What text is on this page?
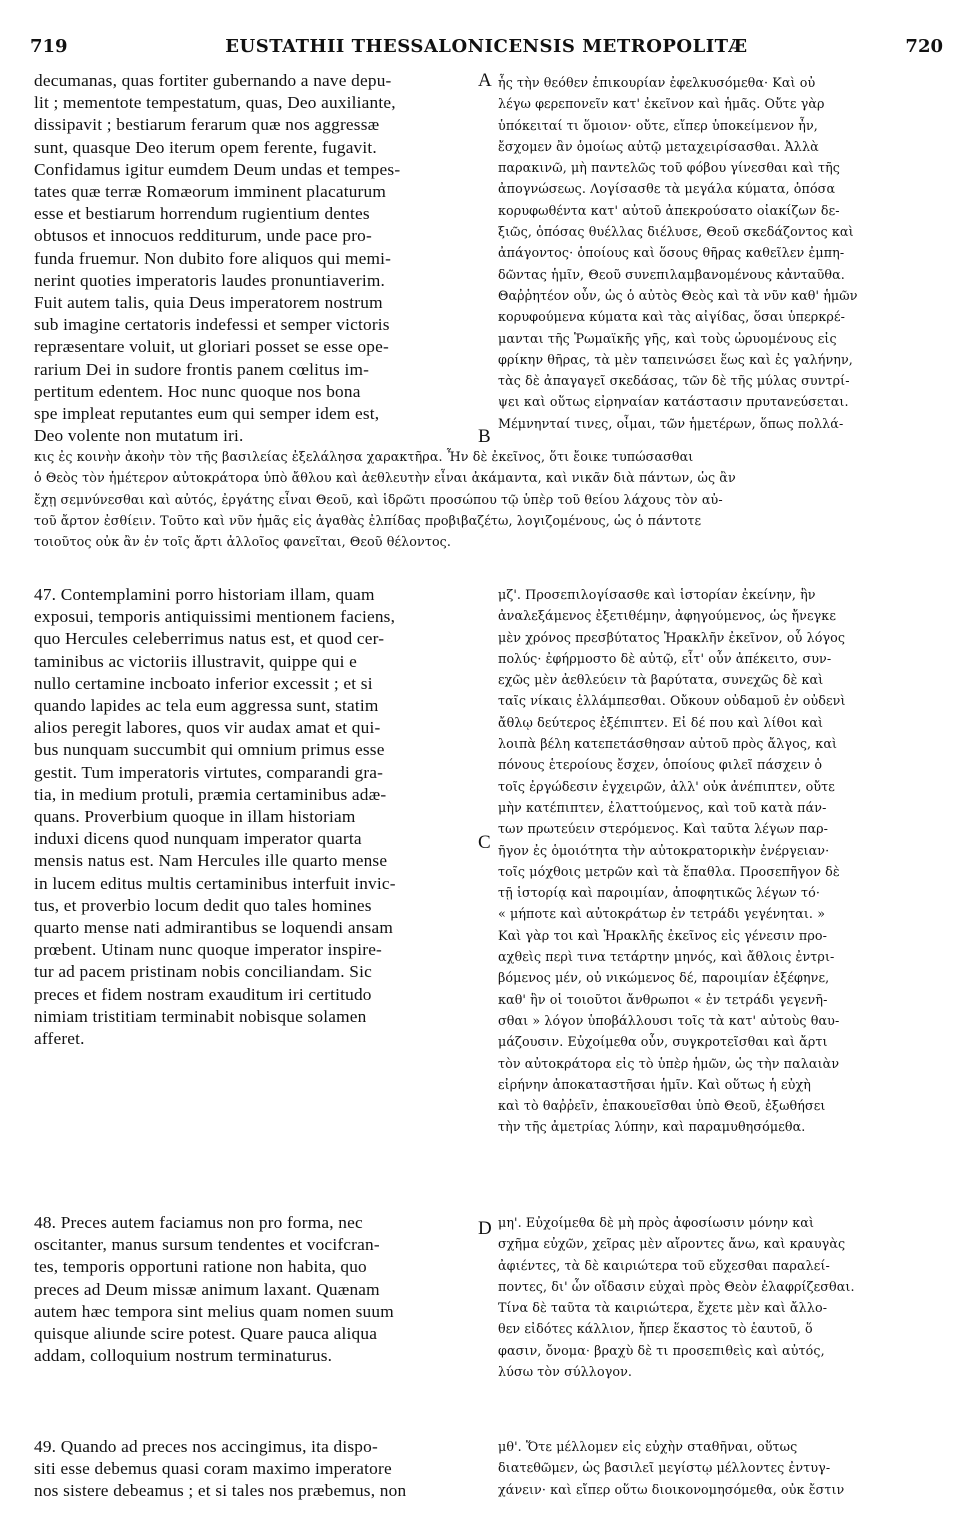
719	EUSTATHII THESSALONICENSIS METROPOLITÆ	720
decumanas, quas fortiter gubernando a nave depu-
lit ; mementote tempestatum, quas, Deo auxiliante,
dissipavit ; bestiarum ferarum quæ nos aggressæ
sunt, quasque Deo iterum opem ferente, fugavit.
Confidamus igitur eumdem Deum undas et tempes-
tates quæ terræ Romæorum imminent placaturum
esse et bestiarum horrendum rugientium dentes
obtusos et innocuos redditurum, unde pace pro-
funda fruemur. Non dubito fore aliquos qui memi-
nerint quoties imperatoris laudes pronuntiaverim.
Fuit autem talis, quia Deus imperatorem nostrum
sub imagine certatoris indefessi et semper victoris
repræsentare voluit, ut gloriari posset se esse ope-
rarium Dei in sudore frontis panem cœlitus im-
pertitum edentem. Hoc nunc quoque nos bona
spe impleat reputantes eum qui semper idem est,
Deo volente non mutatum iri.
A ἧς τὴν θεόθεν ἐπικουρίαν ἐφελκυσόμεθα· Καὶ οὐ
λέγω φερεπονεῖν κατ' ἐκεῖνον καὶ ἡμᾶς. Οὔτε γὰρ
ὑπόκειταί τι ὅμοιον· οὔτε, εἴπερ ὑποκείμενον ἦν,
ἔσχομεν ἂν ὁμοίως αὐτῷ μεταχειρίσασθαι. Ἀλλὰ
παρακινῶ, μὴ παντελῶς τοῦ φόβου γίνεσθαι καὶ τῆς
ἀπογνώσεως. Λογίσασθε τὰ μεγάλα κύματα, ὁπόσα
κορυφωθέντα κατ' αὐτοῦ ἀπεκρούσατο οἰακίζων δε-
ξιῶς, ὁπόσας θυέλλας διέλυσε, Θεοῦ σκεδάζοντος καὶ
ἀπάγοντος· ὁποίους καὶ ὅσους θῆρας καθεῖλεν ἐμπη-
δῶντας ἡμῖν, Θεοῦ συνεπιλαμβανομένους κἀνταῦθα.
Θαῤῥητέον οὖν, ὡς ὁ αὐτὸς Θεὸς καὶ τὰ νῦν καθ' ἡμῶν
κορυφούμενα κύματα καὶ τὰς αἰγίδας, ὅσαι ὑπερκρέ-
μανται τῆς Ῥωμαϊκῆς γῆς, καὶ τοὺς ὠρυομένους εἰς
φρίκην θῆρας, τὰ μὲν ταπεινώσει ἕως καὶ ἐς γαλήνην,
τὰς δὲ ἀπαγαγεῖ σκεδάσας, τῶν δὲ τῆς μύλας συντρί-
ψει καὶ οὕτως εἰρηναίαν κατάστασιν πρυτανεύσεται.
Μέμνηνταί τινες, οἶμαι, τῶν ἡμετέρων, ὅπως πολλά-
B
κις ἐς κοινὴν ἀκοὴν τὸν τῆς βασιλείας ἐξελάλησα χαρακτῆρα. Ἦν δὲ ἐκεῖνος, ὅτι ἔοικε τυπώσασθαι
ὁ Θεὸς τὸν ἡμέτερον αὐτοκράτορα ὑπὸ ἄθλου καὶ ἀεθλευτὴν εἶναι ἀκάμαντα, καὶ νικᾶν διὰ πάντων, ὡς ἂν
ἔχῃ σεμνύνεσθαι καὶ αὐτός, ἐργάτης εἶναι Θεοῦ, καὶ ἱδρῶτι προσώπου τῷ ὑπὲρ τοῦ θείου λάχους τὸν αὐ-
τοῦ ἄρτον ἐσθίειν. Τοῦτο καὶ νῦν ἡμᾶς εἰς ἀγαθὰς ἐλπίδας προβιβαζέτω, λογιζομένους, ὡς ὁ πάντοτε
τοιοῦτος οὐκ ἂν ἐν τοῖς ἄρτι ἀλλοῖος φανεῖται, Θεοῦ θέλοντος.
47. Contemplamini porro historiam illam, quam
exposui, temporis antiquissimi mentionem faciens,
quo Hercules celeberrimus natus est, et quod cer-
taminibus ac victoriis illustravit, quippe qui e
nullo certamine incboato inferior excessit ; et si
quando lapides ac tela eum aggressa sunt, statim
alios peregit labores, quos vir audax amat et qui-
bus nunquam succumbit qui omnium primus esse
gestit. Tum imperatoris virtutes, comparandi gra-
tia, in medium protuli, præmia certaminibus adæ-
quans. Proverbium quoque in illam historiam
induxi dicens quod nunquam imperator quarta
mensis natus est. Nam Hercules ille quarto mense
in lucem editus multis certaminibus interfuit invic-
tus, et proverbio locum dedit quo tales homines
quarto mense nati admirantibus se loquendi ansam
prœbent. Utinam nunc quoque imperator inspire-
tur ad pacem pristinam nobis conciliandam. Sic
preces et fidem nostram exauditum iri certitudo
nimiam tristitiam terminabit nobisque solamen
afferet.
C
μζ'. Προσεπιλογίσασθε καὶ ἱστορίαν ἐκείνην, ἣν
ἀναλεξάμενος ἐξετιθέμην, ἀφηγούμενος, ὡς ἤνεγκε
μὲν χρόνος πρεσβύτατος Ἡρακλῆν ἐκεῖνον, οὗ λόγος
πολύς· ἐφήρμοστο δὲ αὐτῷ, εἶτ' οὖν ἀπέκειτο, συν-
εχῶς μὲν ἀεθλεύειν τὰ βαρύτατα, συνεχῶς δὲ καὶ
ταῖς νίκαις ἐλλάμπεσθαι. Οὔκουν οὐδαμοῦ ἐν οὐδενὶ
ἄθλῳ δεύτερος ἐξέπιπτεν. Εἰ δέ που καὶ λίθοι καὶ
λοιπὰ βέλη κατεπετάσθησαν αὐτοῦ πρὸς ἄλγος, καὶ
πόνους ἑτεροίους ἔσχεν, ὁποίους φιλεῖ πάσχειν ὁ
τοῖς ἐργώδεσιν ἐγχειρῶν, ἀλλ' οὐκ ἀνέπιπτεν, οὔτε
μὴν κατέπιπτεν, ἐλαττούμενος, καὶ τοῦ κατὰ πάν-
των πρωτεύειν στερόμενος. Καὶ ταῦτα λέγων παρ-
ῆγον ἐς ὁμοιότητα τὴν αὐτοκρατορικὴν ἐνέργειαν·
τοῖς μόχθοις μετρῶν καὶ τὰ ἔπαθλα. Προσεπῆγον δὲ
τῇ ἱστορίᾳ καὶ παροιμίαν, ἀποφητικῶς λέγων τό·
« μήποτε καὶ αὐτοκράτωρ ἐν τετράδι γεγένηται. »
Καὶ γὰρ τοι καὶ Ἡρακλῆς ἐκεῖνος εἰς γένεσιν προ-
αχθεὶς περὶ τινα τετάρτην μηνός, καὶ ἄθλοις ἐντρι-
βόμενος μέν, οὐ νικώμενος δέ, παροιμίαν ἐξέφηνε,
καθ' ἣν οἱ τοιοῦτοι ἄνθρωποι « ἐν τετράδι γεγενῆ-
σθαι » λόγον ὑποβάλλουσι τοῖς τὰ κατ' αὐτοὺς θαυ-
μάζουσιν. Εὐχοίμεθα οὖν, συγκροτεῖσθαι καὶ ἄρτι
τὸν αὐτοκράτορα εἰς τὸ ὑπὲρ ἡμῶν, ὡς τὴν παλαιὰν
εἰρήνην ἀποκαταστῆσαι ἡμῖν. Καὶ οὕτως ἡ εὐχὴ
καὶ τὸ θαῤῥεῖν, ἐπακουεῖσθαι ὑπὸ Θεοῦ, ἐξωθήσει
τὴν τῆς ἀμετρίας λύπην, καὶ παραμυθησόμεθα.
48. Preces autem faciamus non pro forma, nec
oscitanter, manus sursum tendentes et vocifcran-
tes, temporis opportuni ratione non habita, quo
preces ad Deum missæ animum laxant. Quænam
autem hæc tempora sint melius quam nomen suum
quisque aliunde scire potest. Quare pauca aliqua
addam, colloquium nostrum terminaturus.
D μη'. Εὐχοίμεθα δὲ μὴ πρὸς ἀφοσίωσιν μόνην καὶ
σχῆμα εὐχῶν, χεῖρας μὲν αἴροντες ἄνω, καὶ κραυγὰς
ἀφιέντες, τὰ δὲ καιριώτερα τοῦ εὔχεσθαι παραλεί-
ποντες, δι' ὧν οἴδασιν εὐχαὶ πρὸς Θεὸν ἐλαφρίζεσθαι.
Τίνα δὲ ταῦτα τὰ καιριώτερα, ἔχετε μὲν καὶ ἄλλο-
θεν εἰδότες κάλλιον, ἤπερ ἕκαστος τὸ ἑαυτοῦ, ὅ
φασιν, ὄνομα· βραχὺ δὲ τι προσεπιθεὶς καὶ αὐτός,
λύσω τὸν σύλλογον.
49. Quando ad preces nos accingimus, ita dispo-
siti esse debemus quasi coram maximo imperatore
nos sistere debeamus ; et si tales nos præbemus, non
μθ'. Ὅτε μέλλομεν εἰς εὐχὴν σταθῆναι, οὕτως
διατεθῶμεν, ὡς βασιλεῖ μεγίστῳ μέλλοντες ἐντυγ-
χάνειν· καὶ εἴπερ οὕτω διοικονομησόμεθα, οὐκ ἔστιν
